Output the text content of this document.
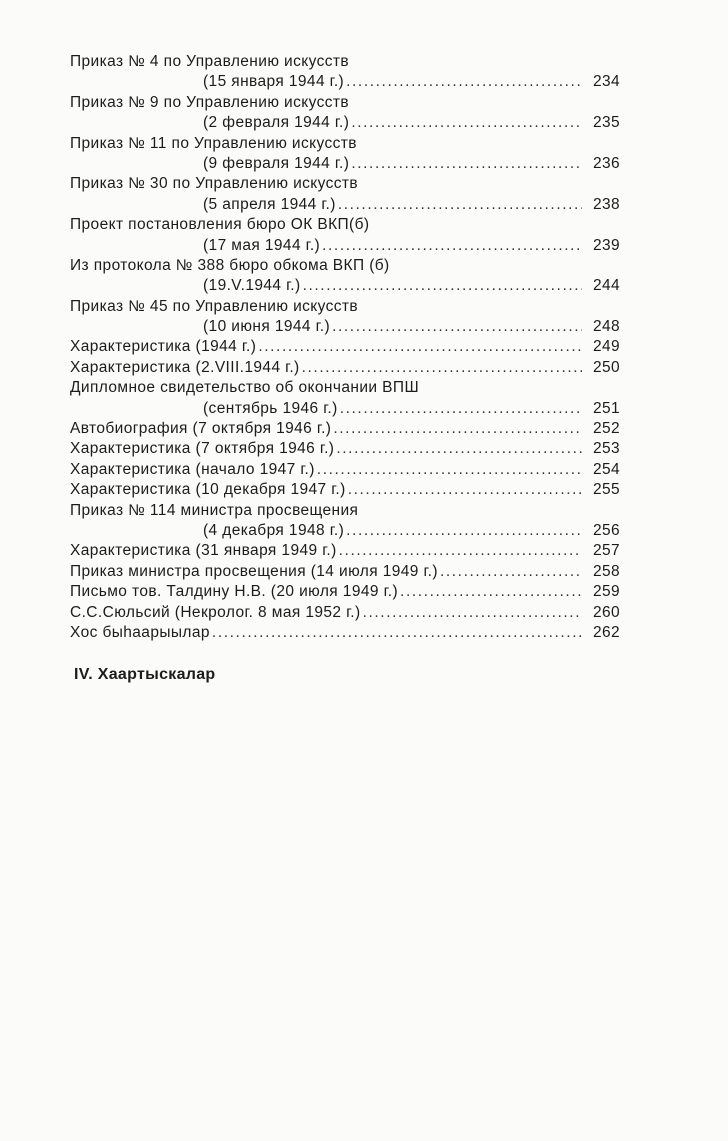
Приказ № 4 по Управлению искусств
(15 января 1944 г.) .....	234
Приказ № 9 по Управлению искусств
(2 февраля 1944 г.) .....	235
Приказ № 11 по Управлению искусств
(9 февраля 1944 г.) .....	236
Приказ № 30 по Управлению искусств
(5 апреля 1944 г.) .....	238
Проект постановления бюро ОК ВКП(б)
(17 мая 1944 г.) .....	239
Из протокола № 388 бюро обкома ВКП (б)
(19.V.1944 г.) .....	244
Приказ № 45 по Управлению искусств
(10 июня 1944 г.) .....	248
Характеристика (1944 г.) .....	249
Характеристика (2.VIII.1944 г.) .....	250
Дипломное свидетельство об окончании ВПШ
(сентябрь 1946 г.) .....	251
Автобиография (7 октября 1946 г.) .....	252
Характеристика (7 октября 1946 г.) .....	253
Характеристика (начало 1947 г.) .....	254
Характеристика (10 декабря 1947 г.) .....	255
Приказ № 114 министра просвещения
(4 декабря 1948 г.) .....	256
Характеристика (31 января 1949 г.) .....	257
Приказ министра просвещения (14 июля 1949 г.) .....	258
Письмо тов. Талдину Н.В. (20 июля 1949 г.) .....	259
С.С.Сюльсий (Некролог. 8 мая 1952 г.) .....	260
Хос быһаарыылар .....	262
IV. Хаартыскалар
